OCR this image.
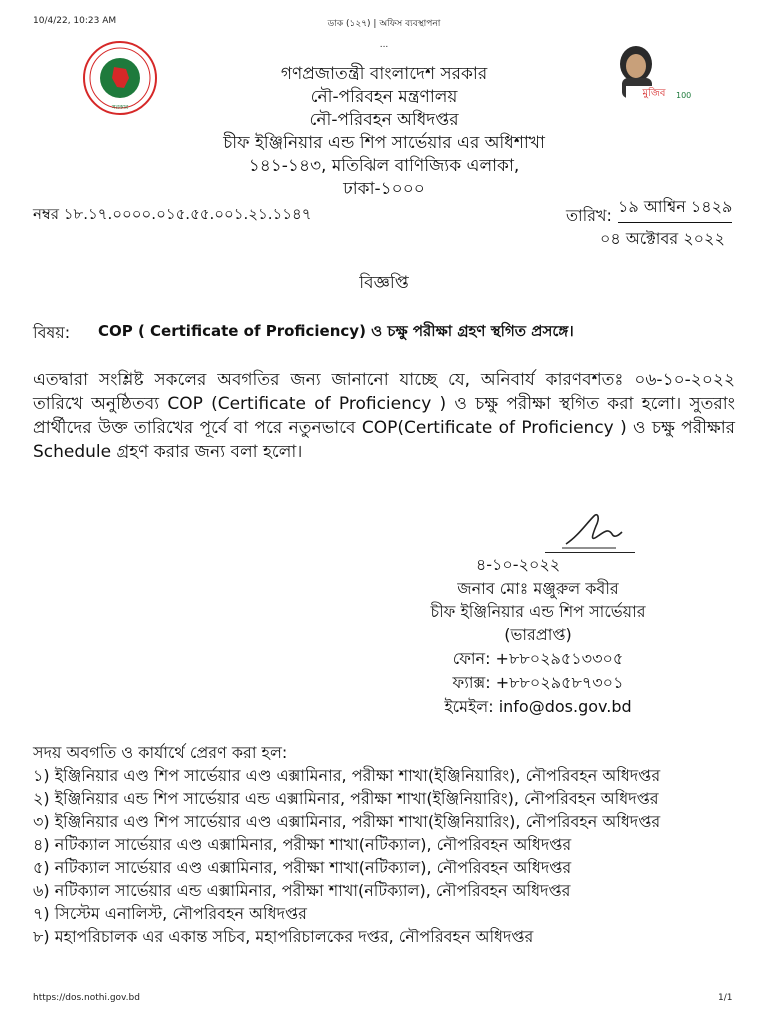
10/4/22, 10:23 AM	ডাক (১২৭) | অফিস ব্যবস্থাপনা
...
সরকার
মুজিব 100
গণপ্রজাতন্ত্রী বাংলাদেশ সরকার
নৌ-পরিবহন মন্ত্রণালয়
নৌ-পরিবহন অধিদপ্তর
চীফ ইঞ্জিনিয়ার এন্ড শিপ সার্ভেয়ার এর অধিশাখা
১৪১-১৪৩, মতিঝিল বাণিজ্যিক এলাকা,
ঢাকা-১০০০
নম্বর ১৮.১৭.০০০০.০১৫.৫৫.০০১.২১.১১৪৭	তারিখ: ১৯ আশ্বিন ১৪২৯
০৪ অক্টোবর ২০২২
বিজ্ঞপ্তি
বিষয়: COP ( Certificate of Proficiency) ও চক্ষু পরীক্ষা গ্রহণ স্থগিত প্রসঙ্গে।
এতদ্বারা সংশ্লিষ্ট সকলের অবগতির জন্য জানানো যাচ্ছে যে, অনিবার্য কারণবশতঃ ০৬-১০-২০২২ তারিখে অনুষ্ঠিতব্য COP (Certificate of Proficiency ) ও চক্ষু পরীক্ষা স্থগিত করা হলো। সুতরাং প্রার্থীদের উক্ত তারিখের পূর্বে বা পরে নতুনভাবে COP(Certificate of Proficiency ) ও চক্ষু পরীক্ষার Schedule গ্রহণ করার জন্য বলা হলো।
৪-১০-২০২২
জনাব মোঃ মঞ্জুরুল কবীর
চীফ ইঞ্জিনিয়ার এন্ড শিপ সার্ভেয়ার
(ভারপ্রাপ্ত)
ফোন: +৮৮০২৯৫১৩৩০৫
ফ্যাক্স: +৮৮০২৯৫৮৭৩০১
ইমেইল: info@dos.gov.bd
সদয় অবগতি ও কার্যার্থে প্রেরণ করা হল:
১) ইঞ্জিনিয়ার এণ্ড শিপ সার্ভেয়ার এণ্ড এক্সামিনার, পরীক্ষা শাখা(ইঞ্জিনিয়ারিং), নৌপরিবহন অধিদপ্তর
২) ইঞ্জিনিয়ার এন্ড শিপ সার্ভেয়ার এন্ড এক্সামিনার, পরীক্ষা শাখা(ইঞ্জিনিয়ারিং), নৌপরিবহন অধিদপ্তর
৩) ইঞ্জিনিয়ার এণ্ড শিপ সার্ভেয়ার এণ্ড এক্সামিনার, পরীক্ষা শাখা(ইঞ্জিনিয়ারিং), নৌপরিবহন অধিদপ্তর
৪) নটিক্যাল সার্ভেয়ার এণ্ড এক্সামিনার, পরীক্ষা শাখা(নটিক্যাল), নৌপরিবহন অধিদপ্তর
৫) নটিক্যাল সার্ভেয়ার এণ্ড এক্সামিনার, পরীক্ষা শাখা(নটিক্যাল), নৌপরিবহন অধিদপ্তর
৬) নটিক্যাল সার্ভেয়ার এন্ড এক্সামিনার, পরীক্ষা শাখা(নটিক্যাল), নৌপরিবহন অধিদপ্তর
৭) সিস্টেম এনালিস্ট, নৌপরিবহন অধিদপ্তর
৮) মহাপরিচালক এর একান্ত সচিব, মহাপরিচালকের দপ্তর, নৌপরিবহন অধিদপ্তর
https://dos.nothi.gov.bd	1/1
